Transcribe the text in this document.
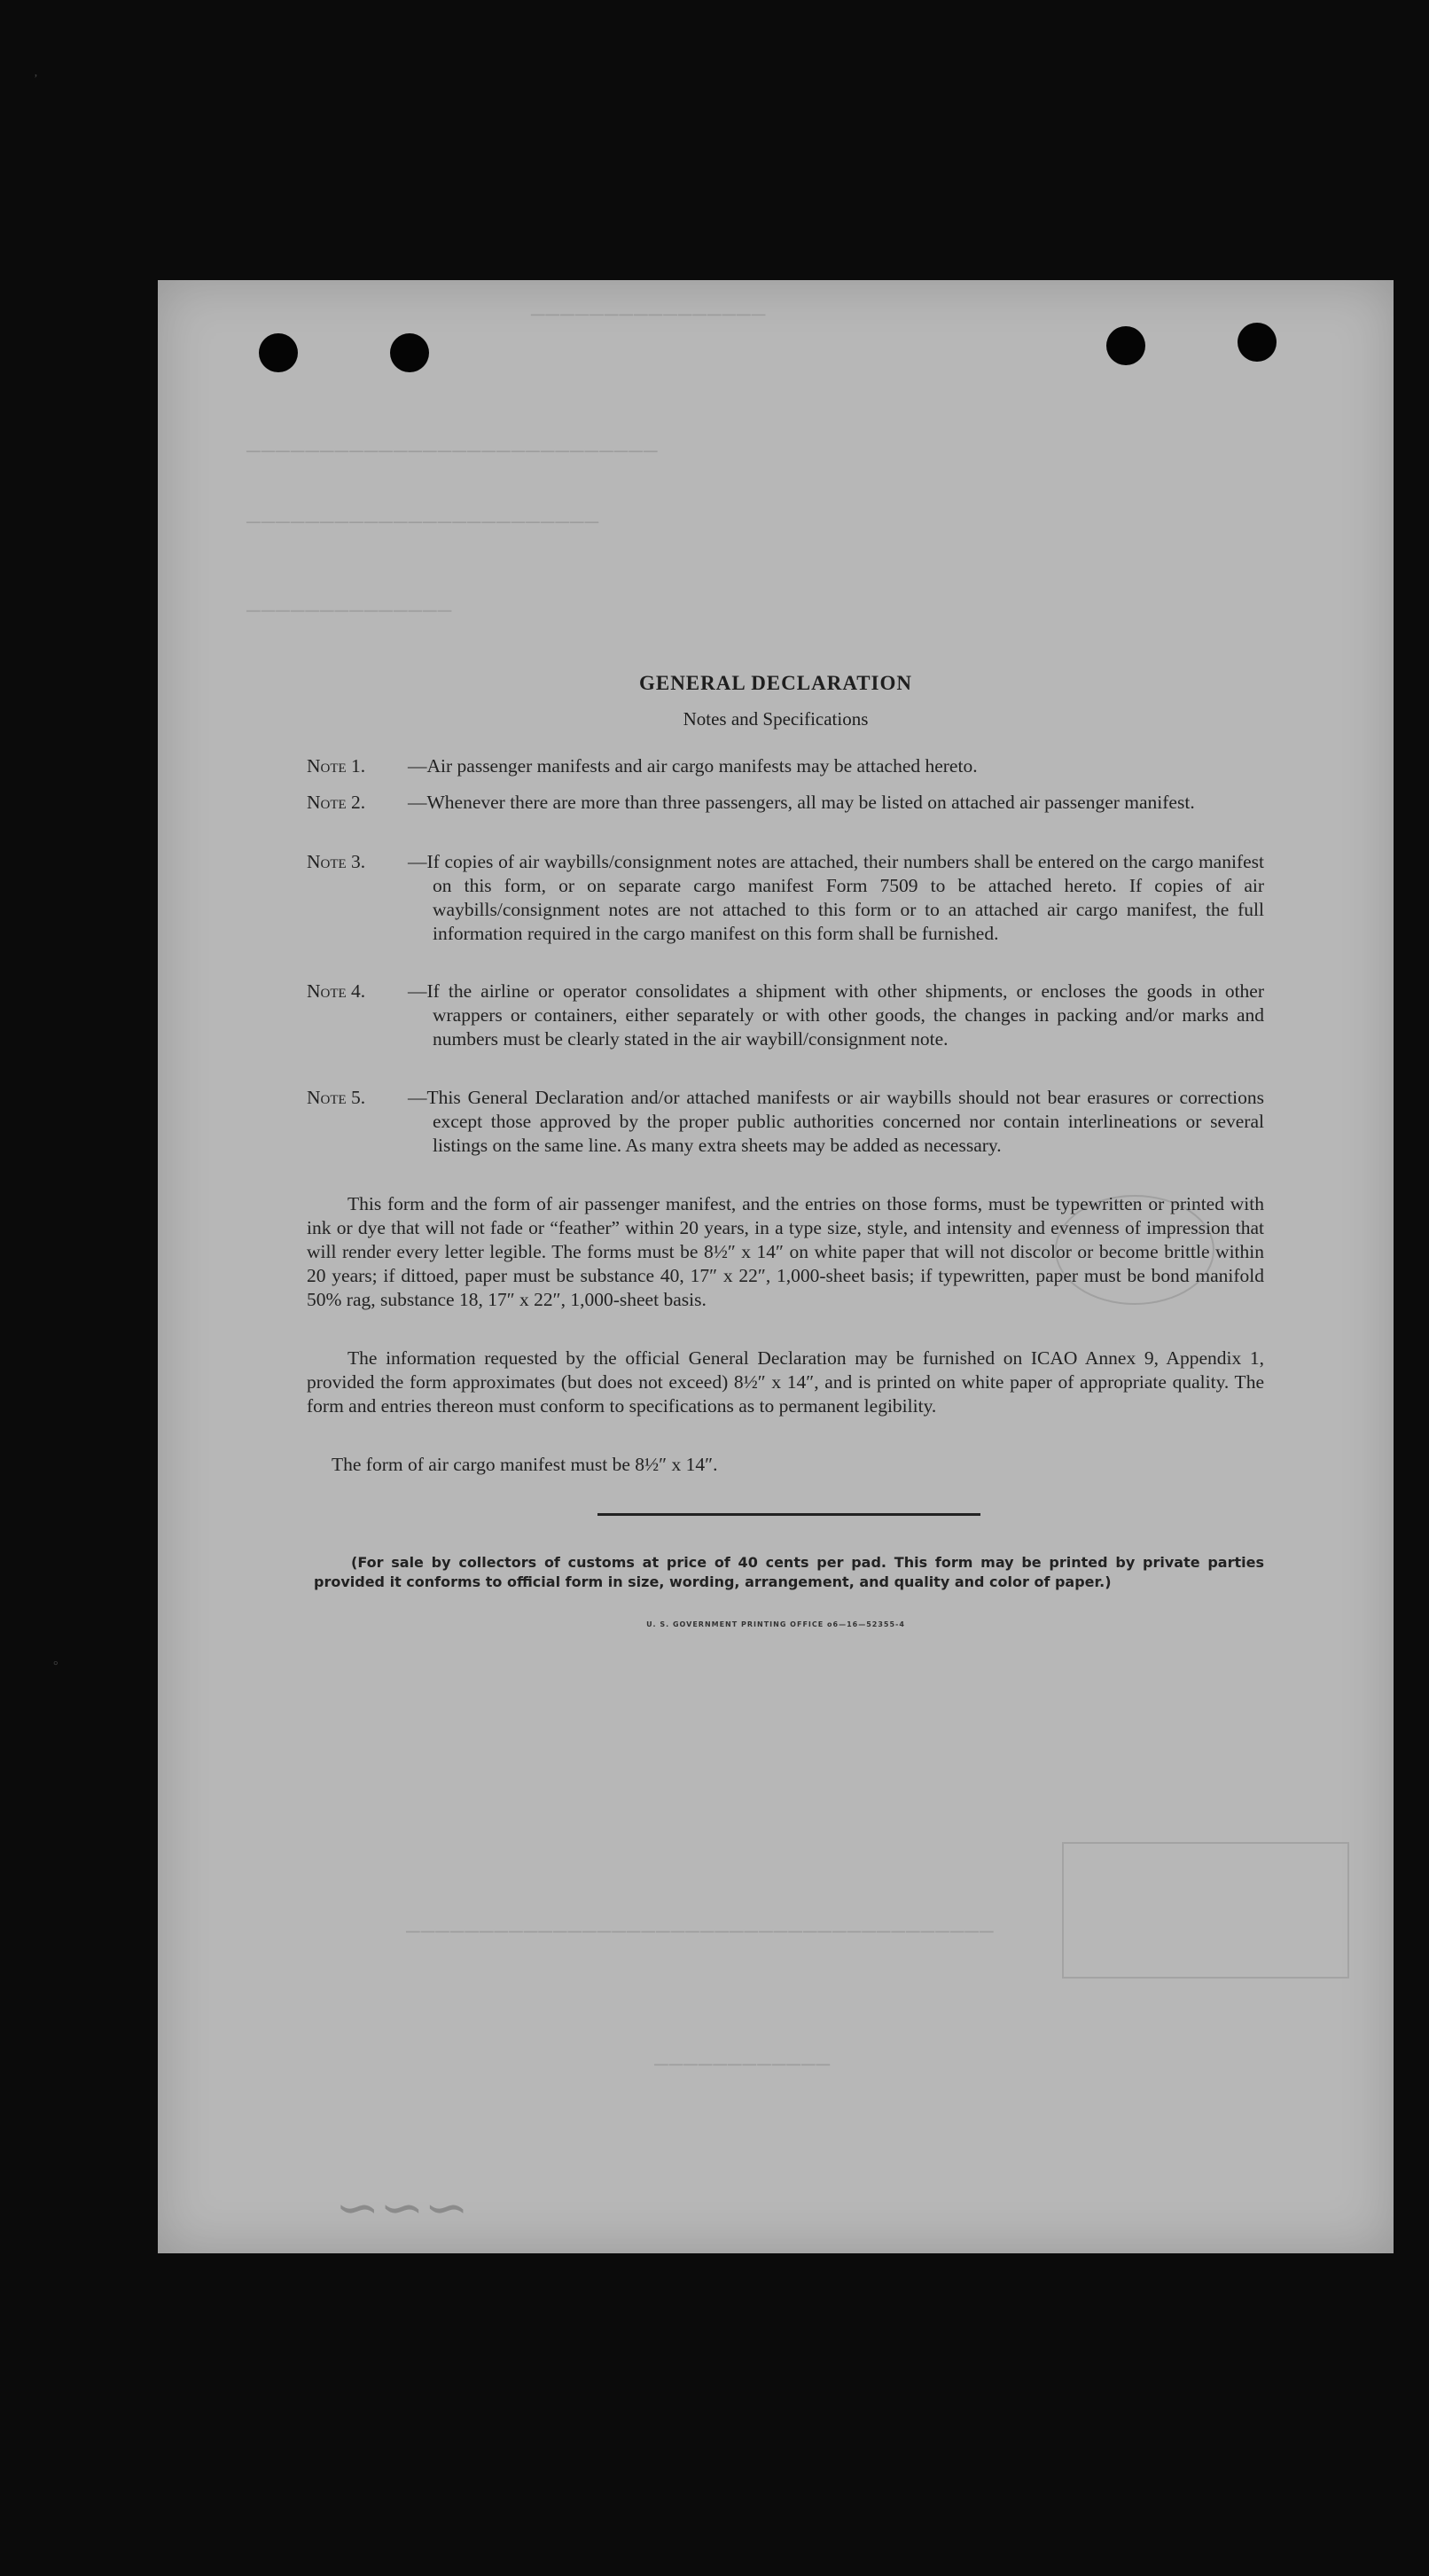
────────────────
────────────────────────────
────────────────────────
──────────────
────────────────────────────────────────
────────────
∽∽∽
GENERAL DECLARATION
Notes and Specifications
Note 1.	—Air passenger manifests and air cargo manifests may be attached hereto.
Note 2.	—Whenever there are more than three passengers, all may be listed on attached air passenger manifest.
Note 3.	—If copies of air waybills/consignment notes are attached, their numbers shall be entered on the cargo manifest on this form, or on separate cargo manifest Form 7509 to be attached hereto. If copies of air waybills/consignment notes are not attached to this form or to an attached air cargo manifest, the full information required in the cargo manifest on this form shall be furnished.
Note 4.	—If the airline or operator consolidates a shipment with other shipments, or encloses the goods in other wrappers or containers, either separately or with other goods, the changes in packing and/or marks and numbers must be clearly stated in the air waybill/consignment note.
Note 5.	—This General Declaration and/or attached manifests or air waybills should not bear erasures or corrections except those approved by the proper public authorities concerned nor contain interlineations or several listings on the same line. As many extra sheets may be added as necessary.

This form and the form of air passenger manifest, and the entries on those forms, must be typewritten or printed with ink or dye that will not fade or “feather” within 20 years, in a type size, style, and intensity and evenness of impression that will render every letter legible. The forms must be 8½″ x 14″ on white paper that will not discolor or become brittle within 20 years; if dittoed, paper must be substance 40, 17″ x 22″, 1,000-sheet basis; if typewritten, paper must be bond manifold 50% rag, substance 18, 17″ x 22″, 1,000-sheet basis.

The information requested by the official General Declaration may be furnished on ICAO Annex 9, Appendix 1, provided the form approximates (but does not exceed) 8½″ x 14″, and is printed on white paper of appropriate quality. The form and entries thereon must conform to specifications as to permanent legibility.

The form of air cargo manifest must be 8½″ x 14″.

(For sale by collectors of customs at price of 40 cents per pad. This form may be printed by private parties provided it conforms to official form in size, wording, arrangement, and quality and color of paper.)
U. S. GOVERNMENT PRINTING OFFICE o6—16—52355-4
’
°
